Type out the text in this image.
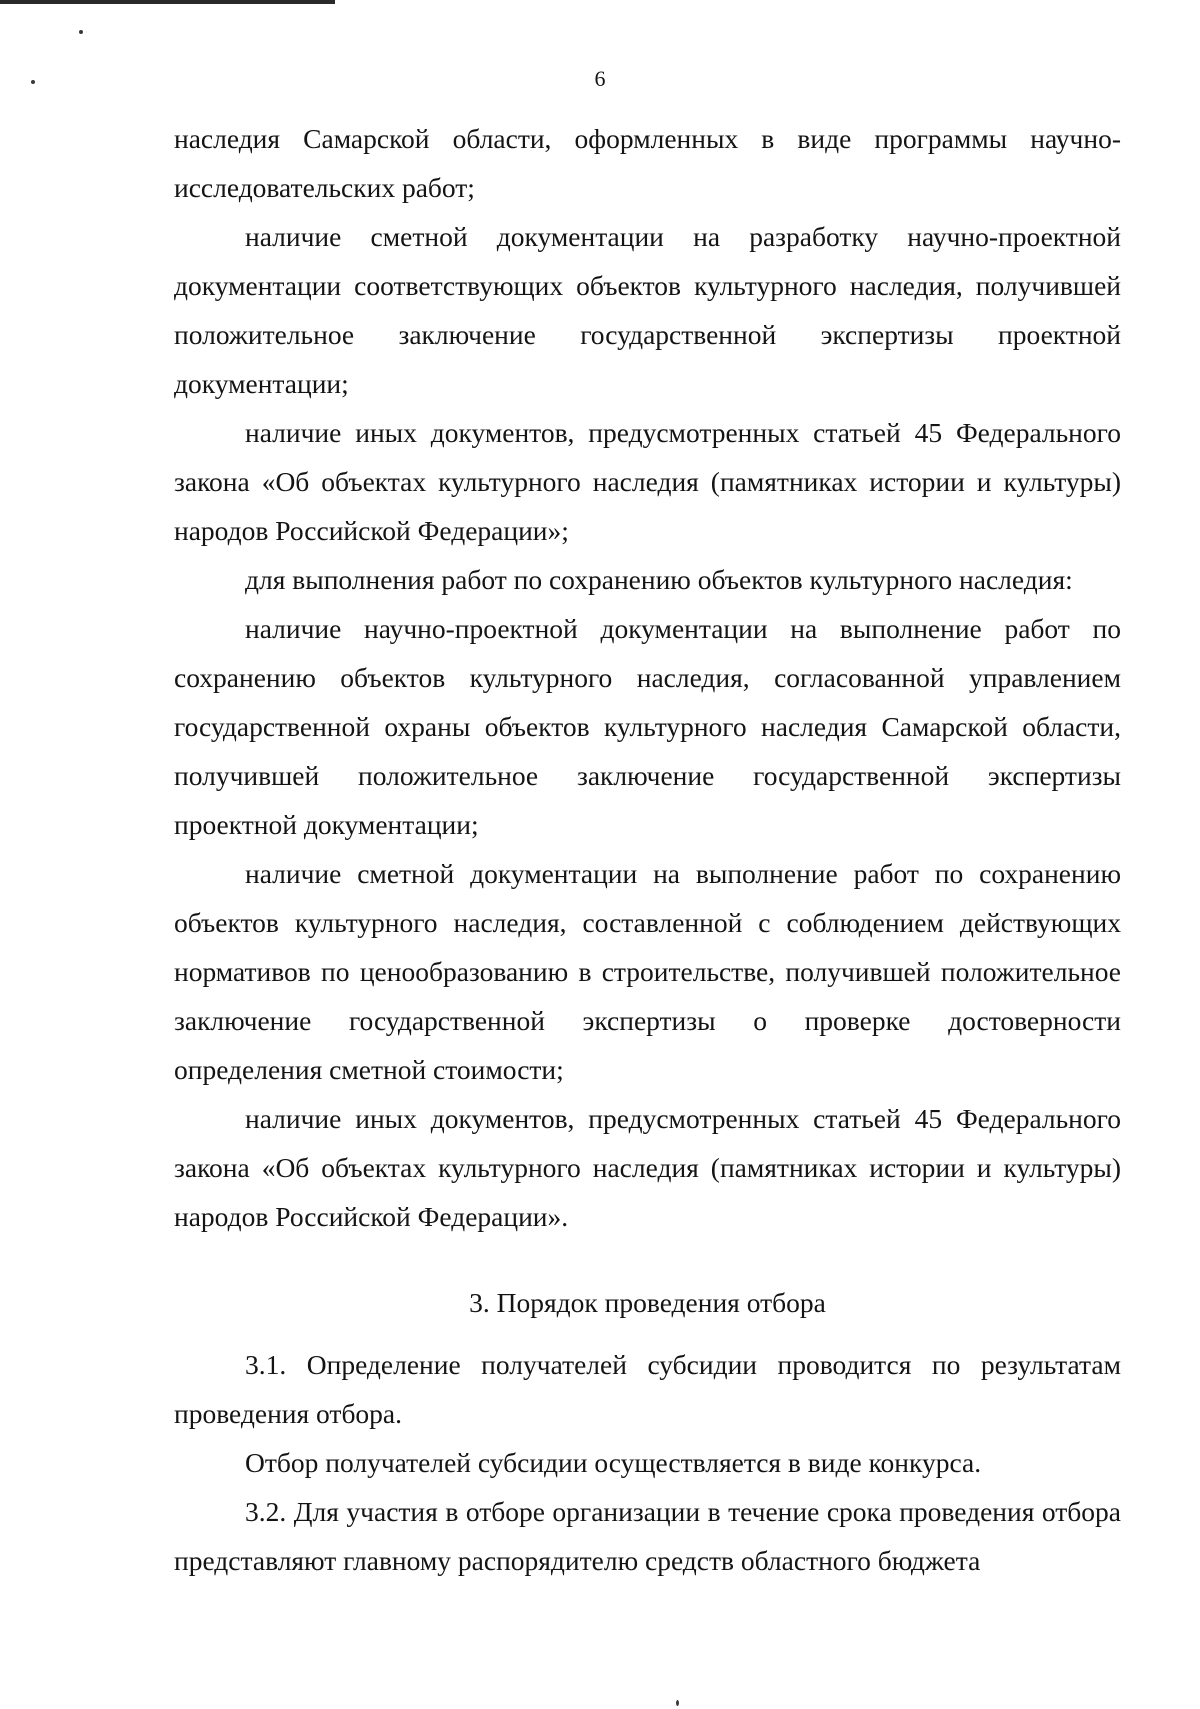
6

наследия Самарской области, оформленных в виде программы научно-исследовательских работ;

наличие сметной документации на разработку научно-проектной документации соответствующих объектов культурного наследия, получившей положительное заключение государственной экспертизы проектной документации;

наличие иных документов, предусмотренных статьей 45 Федерального закона «Об объектах культурного наследия (памятниках истории и культуры) народов Российской Федерации»;

для выполнения работ по сохранению объектов культурного наследия:

наличие научно-проектной документации на выполнение работ по сохранению объектов культурного наследия, согласованной управлением государственной охраны объектов культурного наследия Самарской области, получившей положительное заключение государственной экспертизы проектной документации;

наличие сметной документации на выполнение работ по сохранению объектов культурного наследия, составленной с соблюдением действующих нормативов по ценообразованию в строительстве, получившей положительное заключение государственной экспертизы о проверке достоверности определения сметной стоимости;

наличие иных документов, предусмотренных статьей 45 Федерального закона «Об объектах культурного наследия (памятниках истории и культуры) народов Российской Федерации».

3. Порядок проведения отбора

3.1. Определение получателей субсидии проводится по результатам проведения отбора.

Отбор получателей субсидии осуществляется в виде конкурса.

3.2. Для участия в отборе организации в течение срока проведения отбора представляют главному распорядителю средств областного бюджета
